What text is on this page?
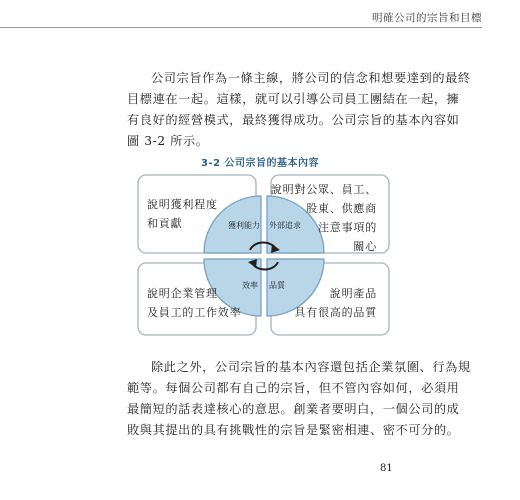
明確公司的宗旨和目標
公司宗旨作為一條主線，將公司的信念和想要達到的最終
目標連在一起。這樣，就可以引導公司員工團結在一起，擁
有良好的經營模式，最終獲得成功。公司宗旨的基本內容如
圖 3-2 所示。
3-2 公司宗旨的基本內容
說明獲利程度
和貢獻
說明對公眾、員工、
股東、供應商
注意事項的
關心
說明企業管理
及員工的工作效率
說明產品
具有很高的品質
獲利能力 外部追求
效率 品質
除此之外，公司宗旨的基本內容還包括企業氛圍、行為規
範等。每個公司都有自己的宗旨，但不管內容如何，必須用
最簡短的話表達核心的意思。創業者要明白，一個公司的成
敗與其提出的具有挑戰性的宗旨是緊密相連、密不可分的。
81
